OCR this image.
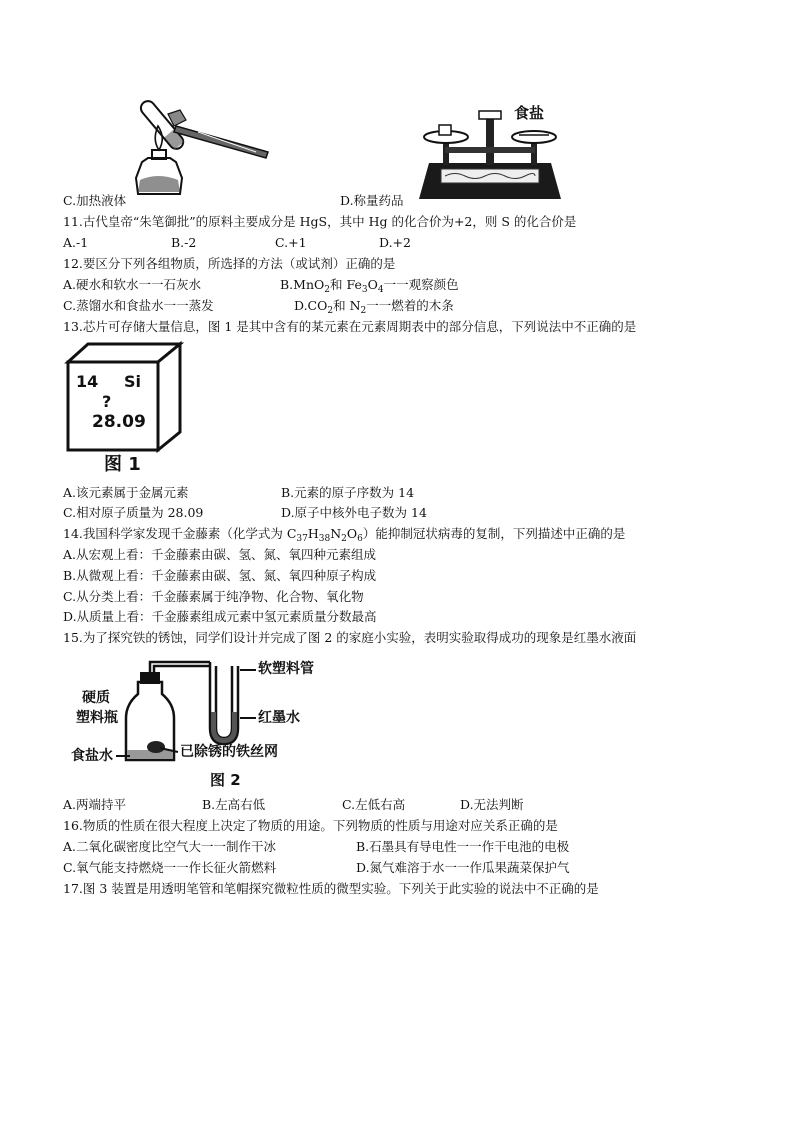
C.加热液体
食盐
D.称量药品
11.古代皇帝“朱笔御批”的原料主要成分是 HgS，其中 Hg 的化合价为+2，则 S 的化合价是
A.-1	B.-2	C.+1	D.+2
12.要区分下列各组物质，所选择的方法（或试剂）正确的是
A.硬水和软水一一石灰水	B.MnO$_2$和 $Fe_3O_4$一一观察颜色
C.蒸馏水和食盐水一一蒸发	$D.CO_2$和 $N_2$一一燃着的木条
13.芯片可存储大量信息，图 1 是其中含有的某元素在元素周期表中的部分信息，下列说法中不正确的是
14 Si
?
28.09
图 1
A.该元素属于金属元素	B.元素的原子序数为 14
C.相对原子质量为 28.09	D.原子中核外电子数为 14
14.我国科学家发现千金藤素（化学式为 $C_{37}H_{38}N_2O_6$）能抑制冠状病毒的复制，下列描述中正确的是
A.从宏观上看：千金藤素由碳、氢、氮、氧四种元素组成
B.从微观上看：千金藤素由碳、氢、氮、氧四种原子构成
C.从分类上看：千金藤素属于纯净物、化合物、氧化物
D.从质量上看：千金藤素组成元素中氢元素质量分数最高
15.为了探究铁的锈蚀，同学们设计并完成了图 2 的家庭小实验，表明实验取得成功的现象是红墨水液面
软塑料管
硬质
塑料瓶	红墨水
食盐水	已除锈的铁丝网
图 2
A.两端持平	B.左高右低	C.左低右高	D.无法判断
16.物质的性质在很大程度上决定了物质的用途。下列物质的性质与用途对应关系正确的是
A.二氧化碳密度比空气大一一制作干冰	B.石墨具有导电性一一作干电池的电极
C.氧气能支持燃烧一一作长征火箭燃料	D.氮气难溶于水一一作瓜果蔬菜保护气
17.图 3 装置是用透明笔管和笔帽探究微粒性质的微型实验。下列关于此实验的说法中不正确的是
